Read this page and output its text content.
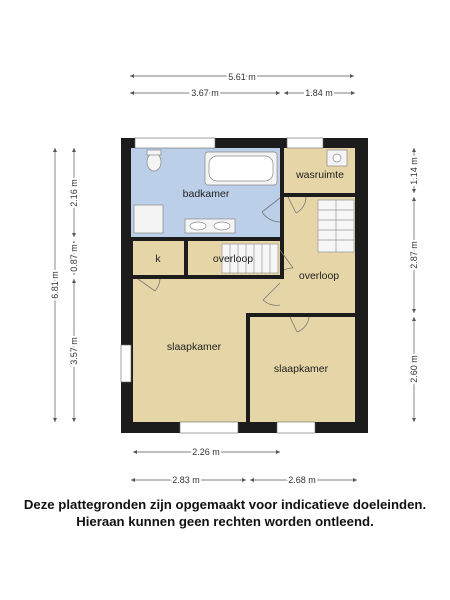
badkamer
wasruimte
k	overloop
overloop
slaapkamer
slaapkamer
5.61 m
3.67 m	1.84 m
6.81 m
2.16 m
0.87 m
3.57 m
1.14 m
2.87 m
2.60 m
2.26 m
2.83 m	2.68 m
Deze plattegronden zijn opgemaakt voor indicatieve doeleinden.
Hieraan kunnen geen rechten worden ontleend.
